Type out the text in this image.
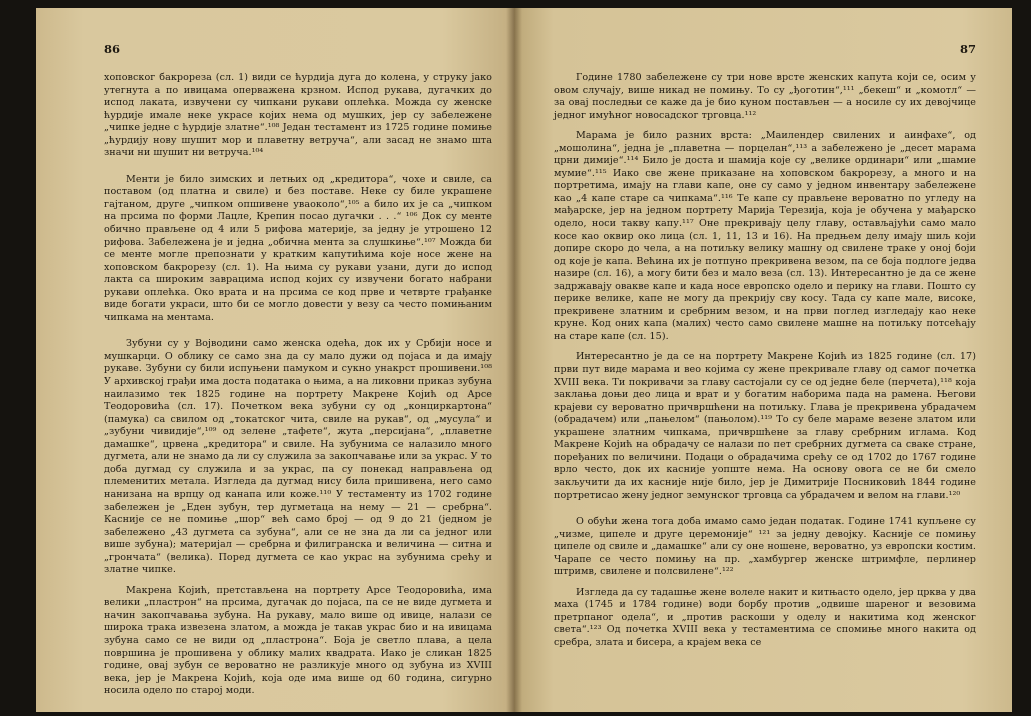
86

хоповског бакрореза (сл. 1) види се ћурдија дуга до колена, у струку јако утегнута а по ивицама оперважена крзном. Испод рукава, дугачких до испод лаката, извучени су чипкани рукави оплећка. Можда су женске ћурдије имале неке украсе којих нема од мушких, јер су забележене „чипке једне с ћурдије златне“.¹⁰⁸ Један тестамент из 1725 године помиње „ћурдију нову шушит мор и плаветну ветруча“, али засад не знамо шта значи ни шушит ни ветруча.¹⁰⁴

Менти је било зимских и летњих од „кредитора“, чохе и свиле, са поставом (од платна и свиле) и без поставе. Неке су биле украшене гајтаном, друге „чипком опшивене уваоколо“,¹⁰⁵ а било их је са „чипком на прсима по форми Лацле, Крепин посао дугачки . . .“ ¹⁰⁶ Док су менте обично прављене од 4 или 5 рифова материје, за једну је утрошено 12 рифова. Забележена је и једна „обична мента за слушкиње“.¹⁰⁷ Можда би се менте могле препознати у кратким капутићима које носе жене на хоповском бакрорезу (сл. 1). На њима су рукави узани, дуги до испод лакта са широким заврацима испод којих су извучени богато набрани рукави оплећка. Око врата и на прсима се код прве и четврте грађанке виде богати украси, што би се могло довести у везу са често помињаним чипкама на ментама.

Зубуни су у Војводини само женска одећа, док их у Србији носе и мушкарци. О облику се само зна да су мало дужи од појаса и да имају рукаве. Зубуни су били испуњени памуком и сукно унакрст прошивени.¹⁰⁸ У архивској грађи има доста података о њима, а на ликовни приказ зубуна наилазимо тек 1825 године на портрету Макрене Којић од Арсе Теодоровића (сл. 17). Почетком века зубуни су од „конциркартона“ (памука) са свилом од „токатског чита, свиле на рукав“, од „мусула“ и „зубуни чивидије“,¹⁰⁹ од зелене „тафете“, жута „персијана“, „плаветне дамашке“, црвена „кредитора“ и свиле. На зубунима се налазило много дугмета, али не знамо да ли су служила за закопчавање или за украс. У то доба дугмад су служила и за украс, па су понекад направљена од племенитих метала. Изгледа да дугмад нису била пришивена, него само нанизана на врпцу од канапа или коже.¹¹⁰ У тестаменту из 1702 године забележен је „Еден зубун, тер дугметаца на нему — 21 — сребрна“. Касније се не помиње „шор“ већ само број — од 9 до 21 (једном је забележено „43 дугмета са зубуна“, али се не зна да ли са једног или више зубуна); материјал — сребрна и филигранска и величина — ситна и „грончата“ (велика). Поред дугмета се као украс на зубунима срећу и златне чипке.

Макрена Којић, претстављена на портрету Арсе Теодоровића, има велики „пластрон“ на прсима, дугачак до појаса, па се не виде дугмета и начин закопчавања зубуна. На рукаву, мало више од ивице, налази се широка трака извезена златом, а можда је такав украс био и на ивицама зубуна само се не види од „пластрона“. Боја је светло плава, а цела површина је прошивена у облику малих квадрата. Иако је сликан 1825 године, овај зубун се вероватно не разликује много од зубуна из XVIII века, јер је Макрена Којић, која оде има више од 60 година, сигурно носила одело по старој моди.

87

Године 1780 забележене су три нове врсте женских капута који се, осим у овом случају, више никад не помињу. То су „ђоготин“,¹¹¹ „бекеш“ и „комотл“ — за овај последњи се каже да је био куном постављен — а носиле су их девојчице једног имућног новосадског трговца.¹¹²

Марама је било разних врста: „Маилендер свилених и аинфахе“, од „мошолина“, једна је „плаветна — порцелан“,¹¹³ а забележено је „десет марама црни димије“.¹¹⁴ Било је доста и шамија које су „велике ординари“ или „шамие мумие“.¹¹⁵ Иако све жене приказане на хоповском бакрорезу, а много и на портретима, имају на глави капе, оне су само у једном инвентару забележене као „4 капе старе са чипкама“.¹¹⁶ Те капе су прављене вероватно по угледу на мађарске, јер на једном портрету Марија Терезија, која је обучена у мађарско одело, носи такву капу.¹¹⁷ Оне прекривају целу главу, остављајући само мало косе као оквир око лица (сл. 1, 11, 13 и 16). На предњем делу имају шиљ који допире скоро до чела, а на потиљку велику машну од свилене траке у оној боји од које је капа. Већина их је потпуно прекривена везом, па се боја подлоге једва назире (сл. 16), а могу бити без и мало веза (сл. 13). Интересантно је да се жене задржавају овакве капе и када носе европско одело и перику на глави. Пошто су перике велике, капе не могу да прекрију сву косу. Тада су капе мале, високе, прекривене златним и сребрним везом, и на први поглед изгледају као неке круне. Код оних капа (малих) често само свилене машне на потиљку потсећају на старе капе (сл. 15).

Интересантно је да се на портрету Макрене Којић из 1825 године (сл. 17) први пут виде марама и вео којима су жене прекривале главу од самог почетка XVIII века. Ти покривачи за главу састојали су се од једне беле (перчета),¹¹⁸ која заклања доњи део лица и врат и у богатим наборима пада на рамена. Његови крајеви су вероватно причвршћени на потиљку. Глава је прекривена убрадачем (обрадачем) или „пањелом“ (пањолом).¹¹⁹ То су беле мараме везене златом или украшене златним чипкама, причвршћене за главу сребрним иглама. Код Макрене Којић на обрадачу се налази по пет сребрних дугмета са сваке стране, поређаних по величини. Подаци о обрадачима срећу се од 1702 до 1767 године врло често, док их касније уопште нема. На основу овога се не би смело закључити да их касније није било, јер је Димитрије Посниковић 1844 године портретисао жену једног земунског трговца са убрадачем и велом на глави.¹²⁰

О обући жена тога доба имамо само један податак. Године 1741 купљене су „чизме, ципеле и друге церемоније“ ¹²¹ за једну девојку. Касније се помињу ципеле од свиле и „дамашке“ али су оне ношене, вероватно, уз европски костим. Чарапе се често помињу на пр. „хамбургер женске штримфле, перлинер штримв, свилене и полсвилене“.¹²²

Изгледа да су тадашње жене волеле накит и китњасто одело, јер црква у два маха (1745 и 1784 године) води борбу против „одвише шареног и везовима претрпаног одела“, и „против раскоши у оделу и накитима код женског света“.¹²³ Од почетка XVIII века у тестаментима се спомиње много накита од сребра, злата и бисера, а крајем века се
